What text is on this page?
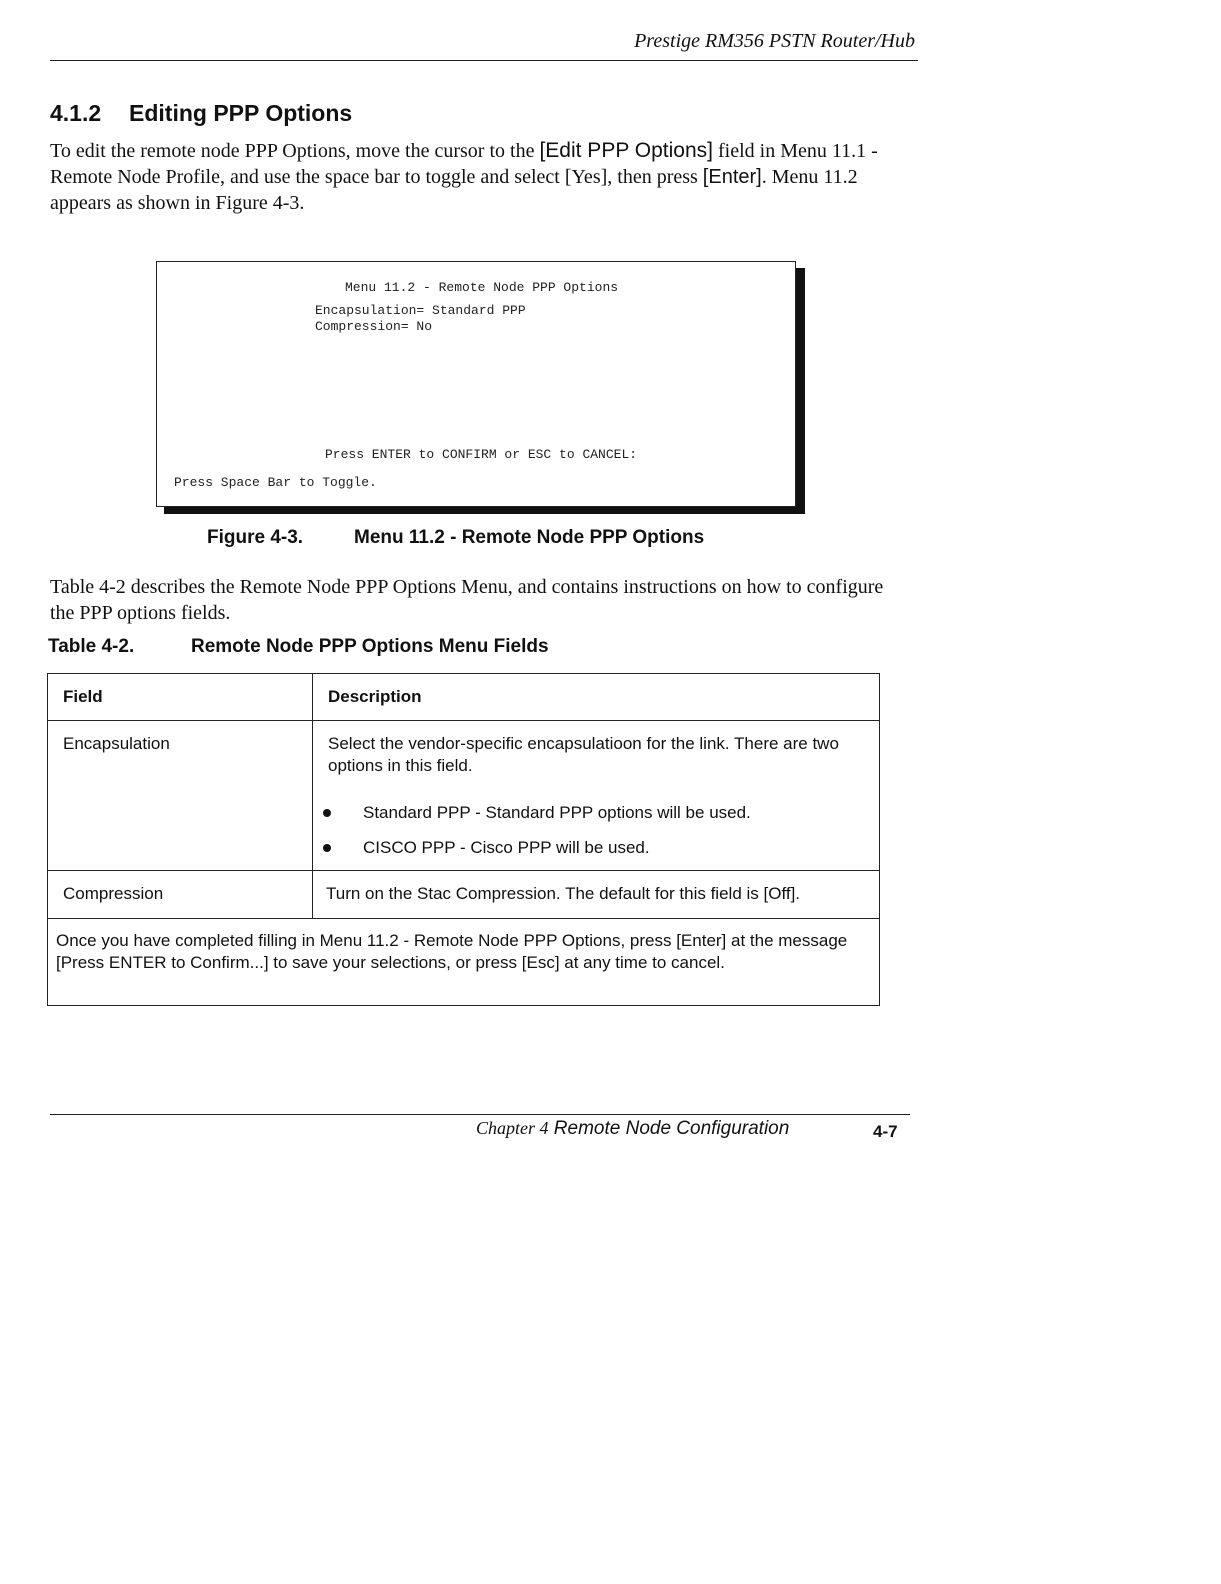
Prestige RM356 PSTN Router/Hub
4.1.2 Editing PPP Options
To edit the remote node PPP Options, move the cursor to the [Edit PPP Options] field in Menu 11.1 - Remote Node Profile, and use the space bar to toggle and select [Yes], then press [Enter]. Menu 11.2 appears as shown in Figure 4-3.
Menu 11.2 - Remote Node PPP Options
Encapsulation= Standard PPP
Compression= No
Press ENTER to CONFIRM or ESC to CANCEL:
Press Space Bar to Toggle.
Figure 4-3.	Menu 11.2 - Remote Node PPP Options
Table 4-2 describes the Remote Node PPP Options Menu, and contains instructions on how to configure the PPP options fields.
Table 4-2.	Remote Node PPP Options Menu Fields
Field	Description
Encapsulation	Select the vendor-specific encapsulatioon for the link. There are two options in this field.
Standard PPP - Standard PPP options will be used.
CISCO PPP - Cisco PPP will be used.
Compression	Turn on the Stac Compression. The default for this field is [Off].
Once you have completed filling in Menu 11.2 - Remote Node PPP Options, press [Enter] at the message [Press ENTER to Confirm...] to save your selections, or press [Esc] at any time to cancel.
Chapter 4 Remote Node Configuration	4-7
